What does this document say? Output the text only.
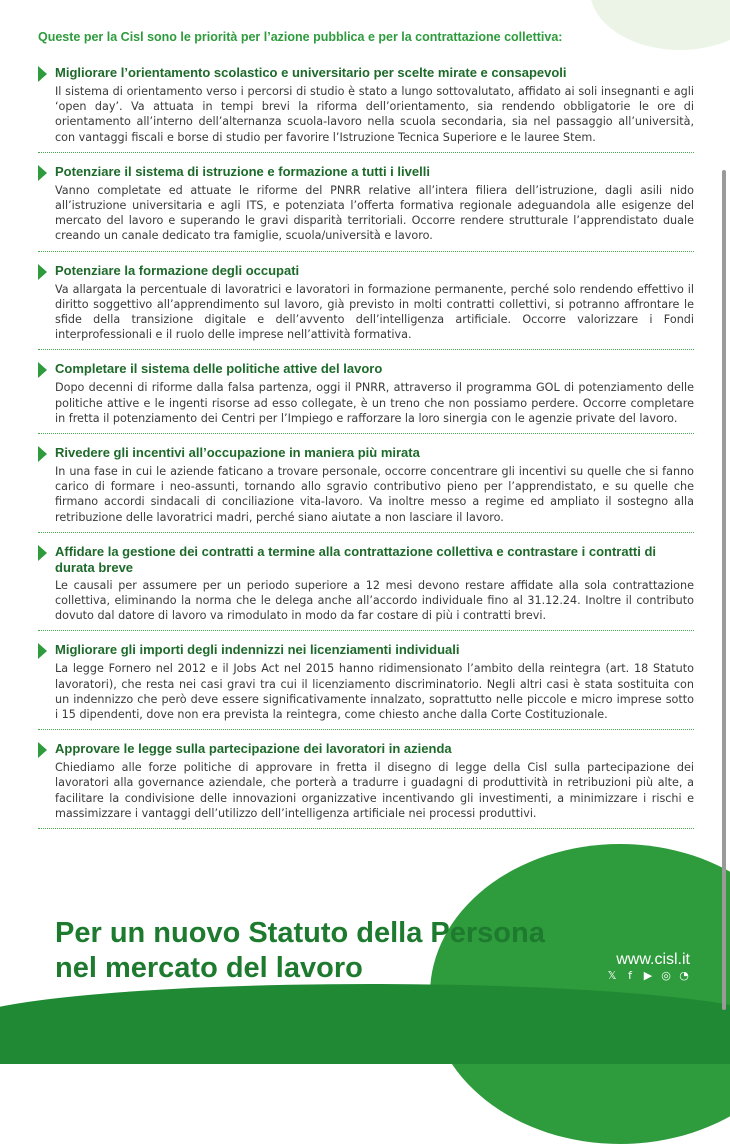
Queste per la Cisl sono le priorità per l’azione pubblica e per la contrattazione collettiva:
Migliorare l’orientamento scolastico e universitario per scelte mirate e consapevoli
Il sistema di orientamento verso i percorsi di studio è stato a lungo sottovalutato, affidato ai soli insegnanti e agli ‘open day’. Va attuata in tempi brevi la riforma dell’orientamento, sia rendendo obbligatorie le ore di orientamento all’interno dell’alternanza scuola-lavoro nella scuola secondaria, sia nel passaggio all’università, con vantaggi fiscali e borse di studio per favorire l’Istruzione Tecnica Superiore e le lauree Stem.
Potenziare il sistema di istruzione e formazione a tutti i livelli
Vanno completate ed attuate le riforme del PNRR relative all’intera filiera dell’istruzione, dagli asili nido all’istruzione universitaria e agli ITS, e potenziata l’offerta formativa regionale adeguandola alle esigenze del mercato del lavoro e superando le gravi disparità territoriali. Occorre rendere strutturale l’apprendistato duale creando un canale dedicato tra famiglie, scuola/università e lavoro.
Potenziare la formazione degli occupati
Va allargata la percentuale di lavoratrici e lavoratori in formazione permanente, perché solo rendendo effettivo il diritto soggettivo all’apprendimento sul lavoro, già previsto in molti contratti collettivi, si potranno affrontare le sfide della transizione digitale e dell’avvento dell’intelligenza artificiale. Occorre valorizzare i Fondi interprofessionali e il ruolo delle imprese nell’attività formativa.
Completare il sistema delle politiche attive del lavoro
Dopo decenni di riforme dalla falsa partenza, oggi il PNRR, attraverso il programma GOL di potenziamento delle politiche attive e le ingenti risorse ad esso collegate, è un treno che non possiamo perdere. Occorre completare in fretta il potenziamento dei Centri per l’Impiego e rafforzare la loro sinergia con le agenzie private del lavoro.
Rivedere gli incentivi all’occupazione in maniera più mirata
In una fase in cui le aziende faticano a trovare personale, occorre concentrare gli incentivi su quelle che si fanno carico di formare i neo-assunti, tornando allo sgravio contributivo pieno per l’apprendistato, e su quelle che firmano accordi sindacali di conciliazione vita-lavoro. Va inoltre messo a regime ed ampliato il sostegno alla retribuzione delle lavoratrici madri, perché siano aiutate a non lasciare il lavoro.
Affidare la gestione dei contratti a termine alla contrattazione collettiva e contrastare i contratti di durata breve
Le causali per assumere per un periodo superiore a 12 mesi devono restare affidate alla sola contrattazione collettiva, eliminando la norma che le delega anche all’accordo individuale fino al 31.12.24. Inoltre il contributo dovuto dal datore di lavoro va rimodulato in modo da far costare di più i contratti brevi.
Migliorare gli importi degli indennizzi nei licenziamenti individuali
La legge Fornero nel 2012 e il Jobs Act nel 2015 hanno ridimensionato l’ambito della reintegra (art. 18 Statuto lavoratori), che resta nei casi gravi tra cui il licenziamento discriminatorio. Negli altri casi è stata sostituita con un indennizzo che però deve essere significativamente innalzato, soprattutto nelle piccole e micro imprese sotto i 15 dipendenti, dove non era prevista la reintegra, come chiesto anche dalla Corte Costituzionale.
Approvare le legge sulla partecipazione dei lavoratori in azienda
Chiediamo alle forze politiche di approvare in fretta il disegno di legge della Cisl sulla partecipazione dei lavoratori alla governance aziendale, che porterà a tradurre i guadagni di produttività in retribuzioni più alte, a facilitare la condivisione delle innovazioni organizzative incentivando gli investimenti, a minimizzare i rischi e massimizzare i vantaggi dell’utilizzo dell’intelligenza artificiale nei processi produttivi.
Per un nuovo Statuto della Persona
nel mercato del lavoro	www.cisl.it
𝕏	f	▶ ◎ ◔
